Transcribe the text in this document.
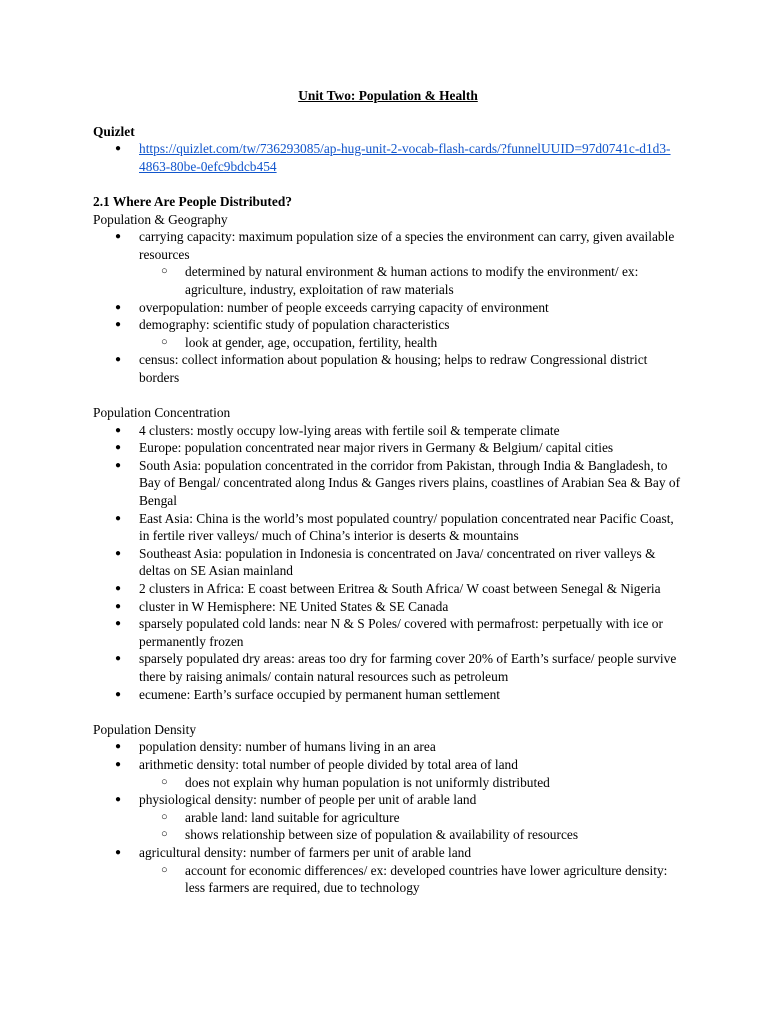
Unit Two: Population & Health

Quizlet

● https://quizlet.com/tw/736293085/ap-hug-unit-2-vocab-flash-cards/?funnelUUID=97d0741c-d1d3-4863-80be-0efc9bdcb454

2.1 Where Are People Distributed?

Population & Geography

● carrying capacity: maximum population size of a species the environment can carry, given available resources
○ determined by natural environment & human actions to modify the environment/ ex: agriculture, industry, exploitation of raw materials
● overpopulation: number of people exceeds carrying capacity of environment
● demography: scientific study of population characteristics
○ look at gender, age, occupation, fertility, health
● census: collect information about population & housing; helps to redraw Congressional district borders

Population Concentration

● 4 clusters: mostly occupy low-lying areas with fertile soil & temperate climate
● Europe: population concentrated near major rivers in Germany & Belgium/ capital cities
● South Asia: population concentrated in the corridor from Pakistan, through India & Bangladesh, to Bay of Bengal/ concentrated along Indus & Ganges rivers plains, coastlines of Arabian Sea & Bay of Bengal
● East Asia: China is the world’s most populated country/ population concentrated near Pacific Coast, in fertile river valleys/ much of China’s interior is deserts & mountains
● Southeast Asia: population in Indonesia is concentrated on Java/ concentrated on river valleys & deltas on SE Asian mainland
● 2 clusters in Africa: E coast between Eritrea & South Africa/ W coast between Senegal & Nigeria
● cluster in W Hemisphere: NE United States & SE Canada
● sparsely populated cold lands: near N & S Poles/ covered with permafrost: perpetually with ice or permanently frozen
● sparsely populated dry areas: areas too dry for farming cover 20% of Earth’s surface/ people survive there by raising animals/ contain natural resources such as petroleum
● ecumene: Earth’s surface occupied by permanent human settlement

Population Density

● population density: number of humans living in an area
● arithmetic density: total number of people divided by total area of land
○ does not explain why human population is not uniformly distributed
● physiological density: number of people per unit of arable land
○ arable land: land suitable for agriculture
○ shows relationship between size of population & availability of resources
● agricultural density: number of farmers per unit of arable land
○ account for economic differences/ ex: developed countries have lower agriculture density: less farmers are required, due to technology
